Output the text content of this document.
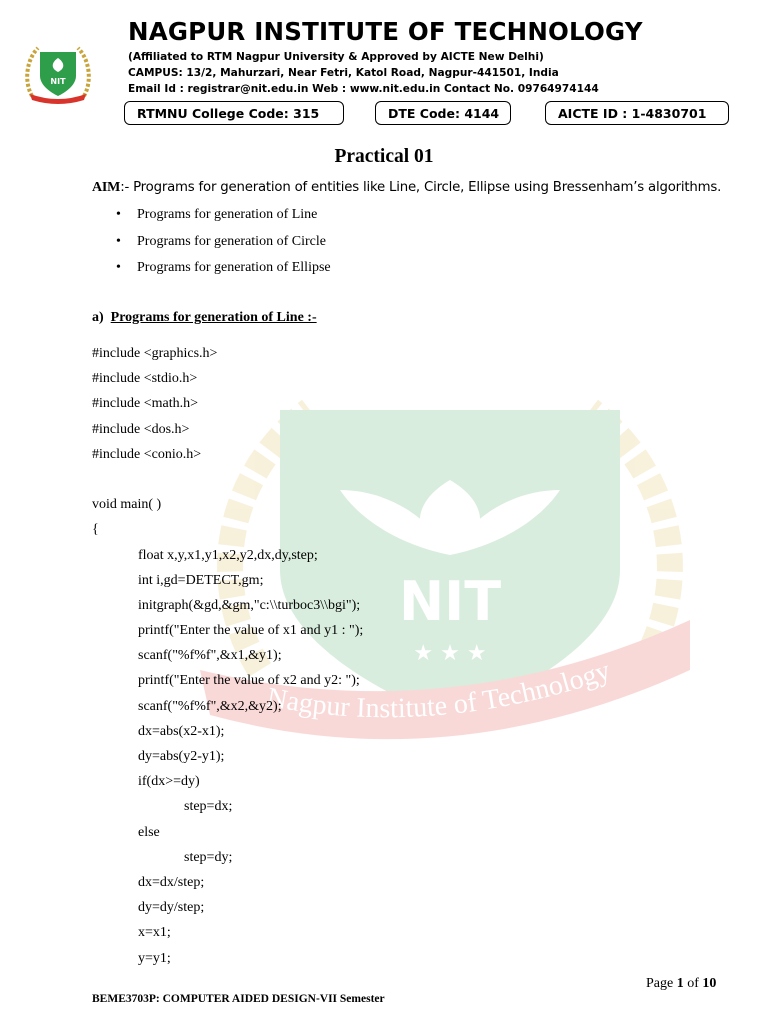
NIT
NAGPUR INSTITUTE OF TECHNOLOGY
(Affiliated to RTM Nagpur University & Approved by AICTE New Delhi)
CAMPUS: 13/2, Mahurzari, Near Fetri, Katol Road, Nagpur-441501, India
Email Id : registrar@nit.edu.in Web : www.nit.edu.in Contact No. 09764974144
RTMNU College Code: 315	DTE Code: 4144	AICTE ID : 1-4830701
NIT
★ ★ ★
Nagpur Institute of Technology
Practical 01
AIM:- Programs for generation of entities like Line, Circle, Ellipse using Bressenham’s algorithms.
• Programs for generation of Line
• Programs for generation of Circle
• Programs for generation of Ellipse
a) Programs for generation of Line :-
#include <graphics.h>
#include <stdio.h>
#include <math.h>
#include <dos.h>
#include <conio.h>
void main( )
{
float x,y,x1,y1,x2,y2,dx,dy,step;
int i,gd=DETECT,gm;
initgraph(&gd,&gm,"c:\\turboc3\\bgi");
printf("Enter the value of x1 and y1 : ");
scanf("%f%f",&x1,&y1);
printf("Enter the value of x2 and y2: ");
scanf("%f%f",&x2,&y2);
dx=abs(x2-x1);
dy=abs(y2-y1);
if(dx>=dy)
step=dx;
else
step=dy;
dx=dx/step;
dy=dy/step;
x=x1;
y=y1;
Page 1 of 10
BEME3703P: COMPUTER AIDED DESIGN-VII Semester
